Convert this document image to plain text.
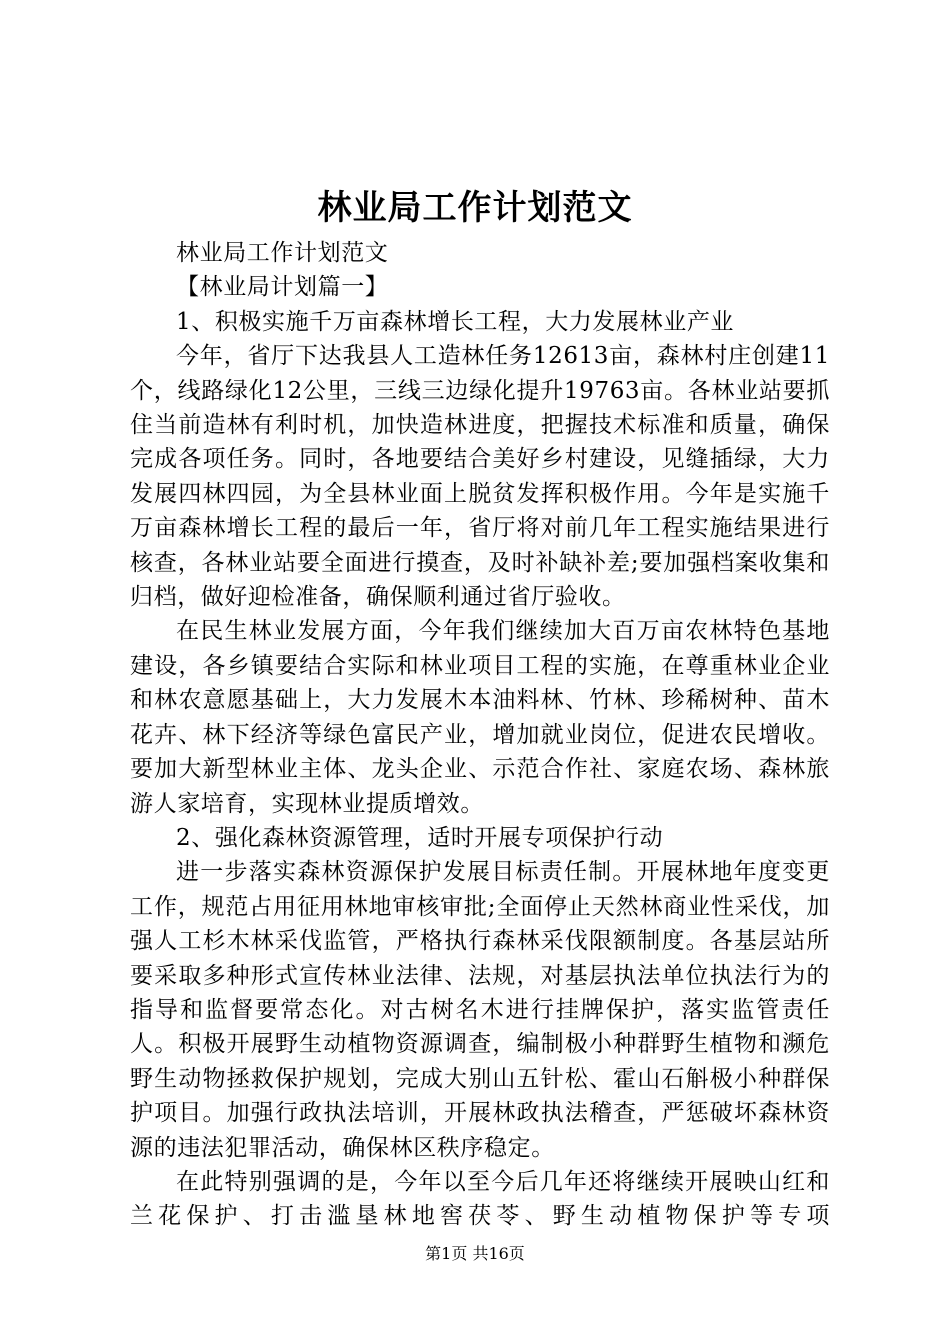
林业局工作计划范文

林业局工作计划范文

【林业局计划篇一】

1、积极实施千万亩森林增长工程，大力发展林业产业

今年，省厅下达我县人工造林任务12613亩，森林村庄创建11个，线路绿化12公里，三线三边绿化提升19763亩。各林业站要抓住当前造林有利时机，加快造林进度，把握技术标准和质量，确保完成各项任务。同时，各地要结合美好乡村建设，见缝插绿，大力发展四林四园，为全县林业面上脱贫发挥积极作用。今年是实施千万亩森林增长工程的最后一年，省厅将对前几年工程实施结果进行核查，各林业站要全面进行摸查，及时补缺补差;要加强档案收集和归档，做好迎检准备，确保顺利通过省厅验收。

在民生林业发展方面，今年我们继续加大百万亩农林特色基地建设，各乡镇要结合实际和林业项目工程的实施，在尊重林业企业和林农意愿基础上，大力发展木本油料林、竹林、珍稀树种、苗木花卉、林下经济等绿色富民产业，增加就业岗位，促进农民增收。要加大新型林业主体、龙头企业、示范合作社、家庭农场、森林旅游人家培育，实现林业提质增效。

2、强化森林资源管理，适时开展专项保护行动

进一步落实森林资源保护发展目标责任制。开展林地年度变更工作，规范占用征用林地审核审批;全面停止天然林商业性采伐，加强人工杉木林采伐监管，严格执行森林采伐限额制度。各基层站所要采取多种形式宣传林业法律、法规，对基层执法单位执法行为的指导和监督要常态化。对古树名木进行挂牌保护，落实监管责任人。积极开展野生动植物资源调查，编制极小种群野生植物和濒危野生动物拯救保护规划，完成大别山五针松、霍山石斛极小种群保护项目。加强行政执法培训，开展林政执法稽查，严惩破坏森林资源的违法犯罪活动，确保林区秩序稳定。

在此特别强调的是，今年以至今后几年还将继续开展映山红和兰花保护、打击滥垦林地窖茯苓、野生动植物保护等专项

第1页 共16页
